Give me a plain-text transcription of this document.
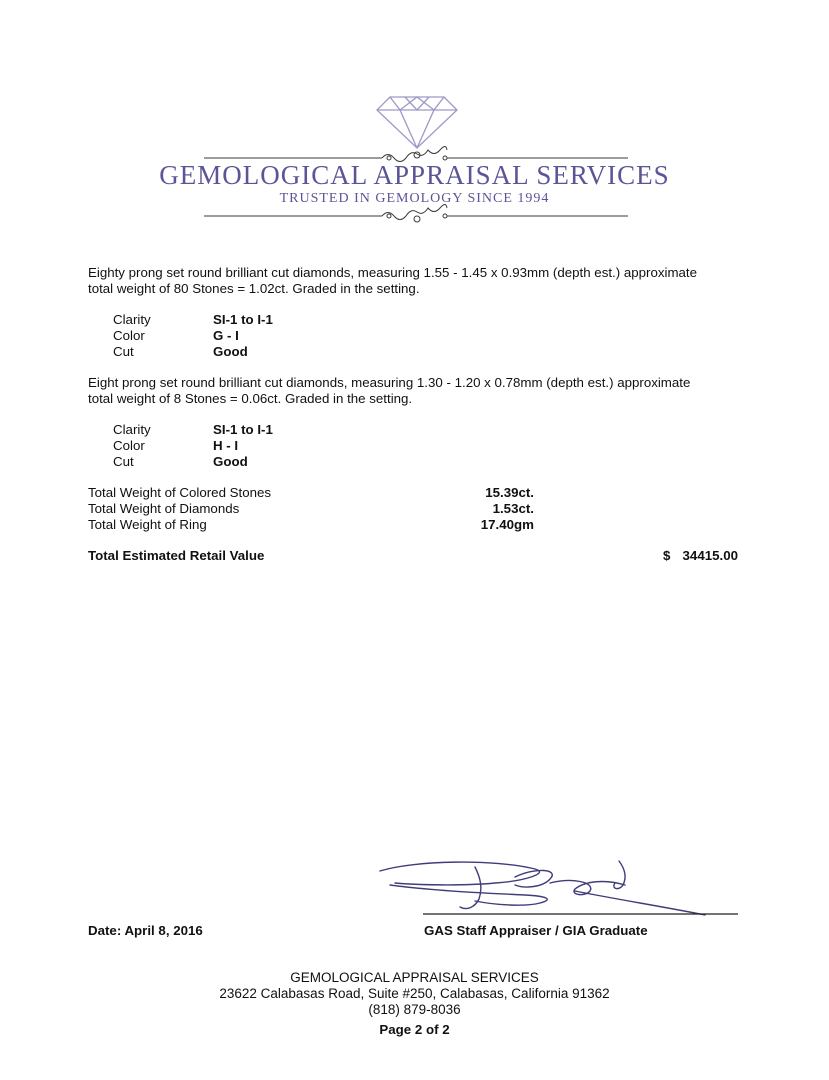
GEMOLOGICAL APPRAISAL SERVICES
TRUSTED IN GEMOLOGY SINCE 1994
Eighty prong set round brilliant cut diamonds, measuring 1.55 - 1.45 x 0.93mm (depth est.) approximate
total weight of 80 Stones = 1.02ct. Graded in the setting.
Clarity	SI-1 to I-1
Color	G - I
Cut	Good
Eight prong set round brilliant cut diamonds, measuring 1.30 - 1.20 x 0.78mm (depth est.) approximate
total weight of 8 Stones = 0.06ct. Graded in the setting.
Clarity	SI-1 to I-1
Color	H - I
Cut	Good
Total Weight of Colored Stones	15.39ct.
Total Weight of Diamonds	1.53ct.
Total Weight of Ring	17.40gm
Total Estimated Retail Value	$ 34415.00
Date: April 8, 2016	GAS Staff Appraiser / GIA Graduate
GEMOLOGICAL APPRAISAL SERVICES
23622 Calabasas Road, Suite #250, Calabasas, California 91362
(818) 879-8036
Page 2 of 2
